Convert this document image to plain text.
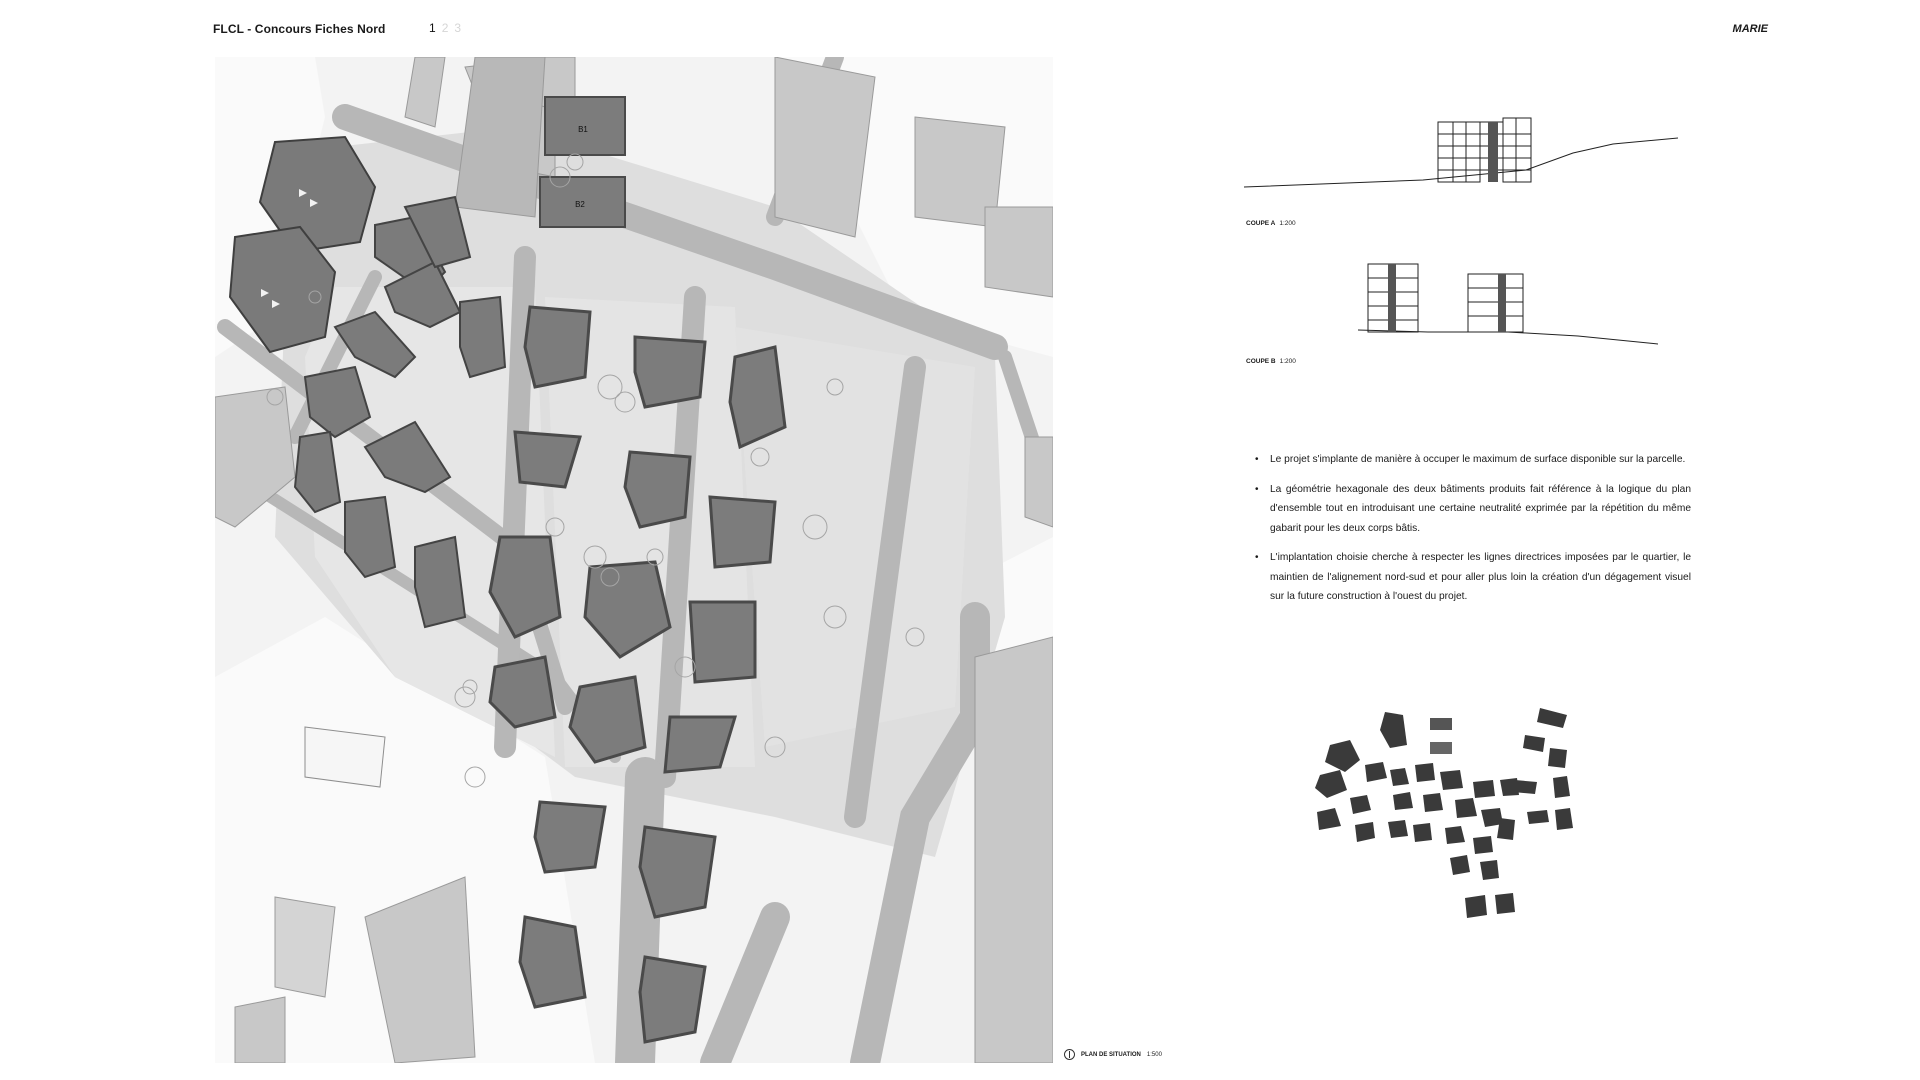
FLCL - Concours Fiches Nord	1 2 3	MARIE
B1
B2
PLAN DE SITUATION 1:500
COUPE A 1:200
COUPE B 1:200
• Le projet s'implante de manière à occuper le maximum de surface disponible sur la parcelle.
• La géométrie hexagonale des deux bâtiments produits fait référence à la logique du plan d'ensemble tout en introduisant une certaine neutralité exprimée par la répétition du même gabarit pour les deux corps bâtis.
• L'implantation choisie cherche à respecter les lignes directrices imposées par le quartier, le maintien de l'alignement nord-sud et pour aller plus loin la création d'un dégagement visuel sur la future construction à l'ouest du projet.
